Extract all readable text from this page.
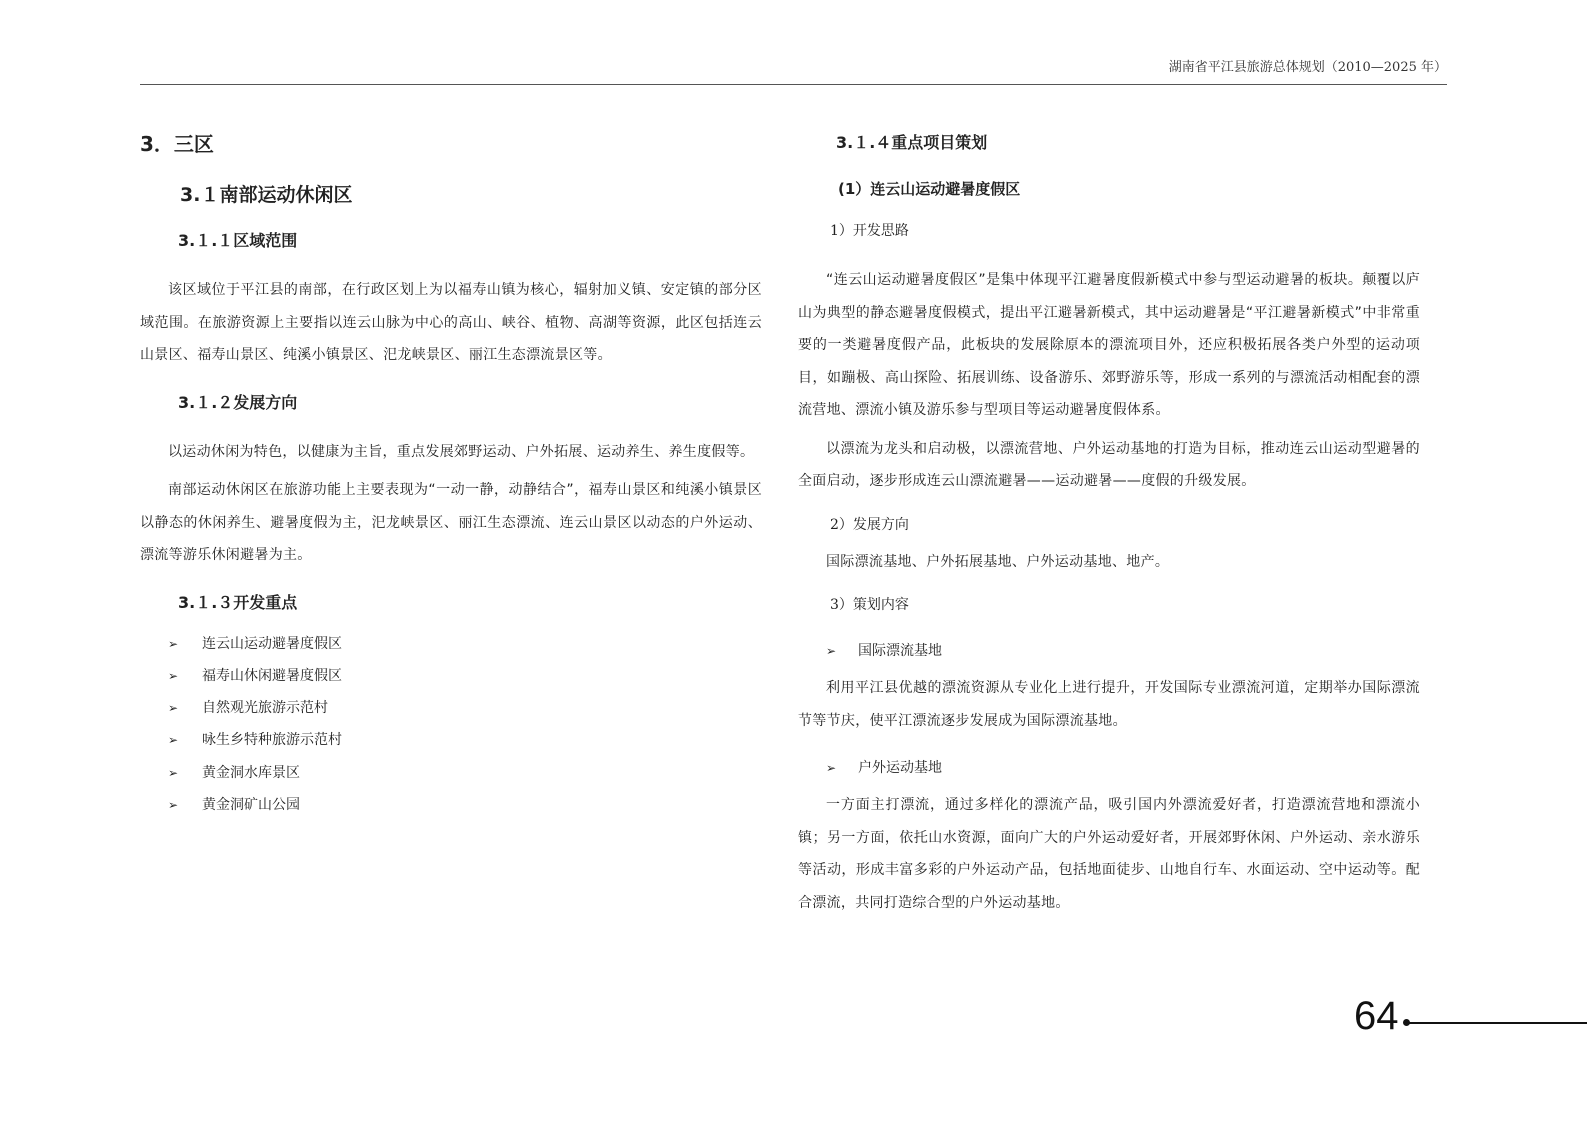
湖南省平江县旅游总体规划（2010—2025 年）
3．三区
3.１南部运动休闲区
3.１.１区域范围

该区域位于平江县的南部，在行政区划上为以福寿山镇为核心，辐射加义镇、安定镇的部分区域范围。在旅游资源上主要指以连云山脉为中心的高山、峡谷、植物、高湖等资源，此区包括连云山景区、福寿山景区、纯溪小镇景区、汜龙峡景区、丽江生态漂流景区等。

3.１.２发展方向

以运动休闲为特色，以健康为主旨，重点发展郊野运动、户外拓展、运动养生、养生度假等。

南部运动休闲区在旅游功能上主要表现为“一动一静，动静结合”，福寿山景区和纯溪小镇景区以静态的休闲养生、避暑度假为主，汜龙峡景区、丽江生态漂流、连云山景区以动态的户外运动、漂流等游乐休闲避暑为主。

3.１.３开发重点
➢ 连云山运动避暑度假区
➢ 福寿山休闲避暑度假区
➢ 自然观光旅游示范村
➢ 咏生乡特种旅游示范村
➢ 黄金洞水库景区
➢ 黄金洞矿山公园
3.１.４重点项目策划
(1）连云山运动避暑度假区
1）开发思路

“连云山运动避暑度假区”是集中体现平江避暑度假新模式中参与型运动避暑的板块。颠覆以庐山为典型的静态避暑度假模式，提出平江避暑新模式，其中运动避暑是“平江避暑新模式”中非常重要的一类避暑度假产品，此板块的发展除原本的漂流项目外，还应积极拓展各类户外型的运动项目，如蹦极、高山探险、拓展训练、设备游乐、郊野游乐等，形成一系列的与漂流活动相配套的漂流营地、漂流小镇及游乐参与型项目等运动避暑度假体系。

以漂流为龙头和启动极，以漂流营地、户外运动基地的打造为目标，推动连云山运动型避暑的全面启动，逐步形成连云山漂流避暑——运动避暑——度假的升级发展。

2）发展方向

国际漂流基地、户外拓展基地、户外运动基地、地产。

3）策划内容
➢ 国际漂流基地

利用平江县优越的漂流资源从专业化上进行提升，开发国际专业漂流河道，定期举办国际漂流节等节庆，使平江漂流逐步发展成为国际漂流基地。

➢ 户外运动基地

一方面主打漂流，通过多样化的漂流产品，吸引国内外漂流爱好者，打造漂流营地和漂流小镇；另一方面，依托山水资源，面向广大的户外运动爱好者，开展郊野休闲、户外运动、亲水游乐等活动，形成丰富多彩的户外运动产品，包括地面徒步、山地自行车、水面运动、空中运动等。配合漂流，共同打造综合型的户外运动基地。

64
